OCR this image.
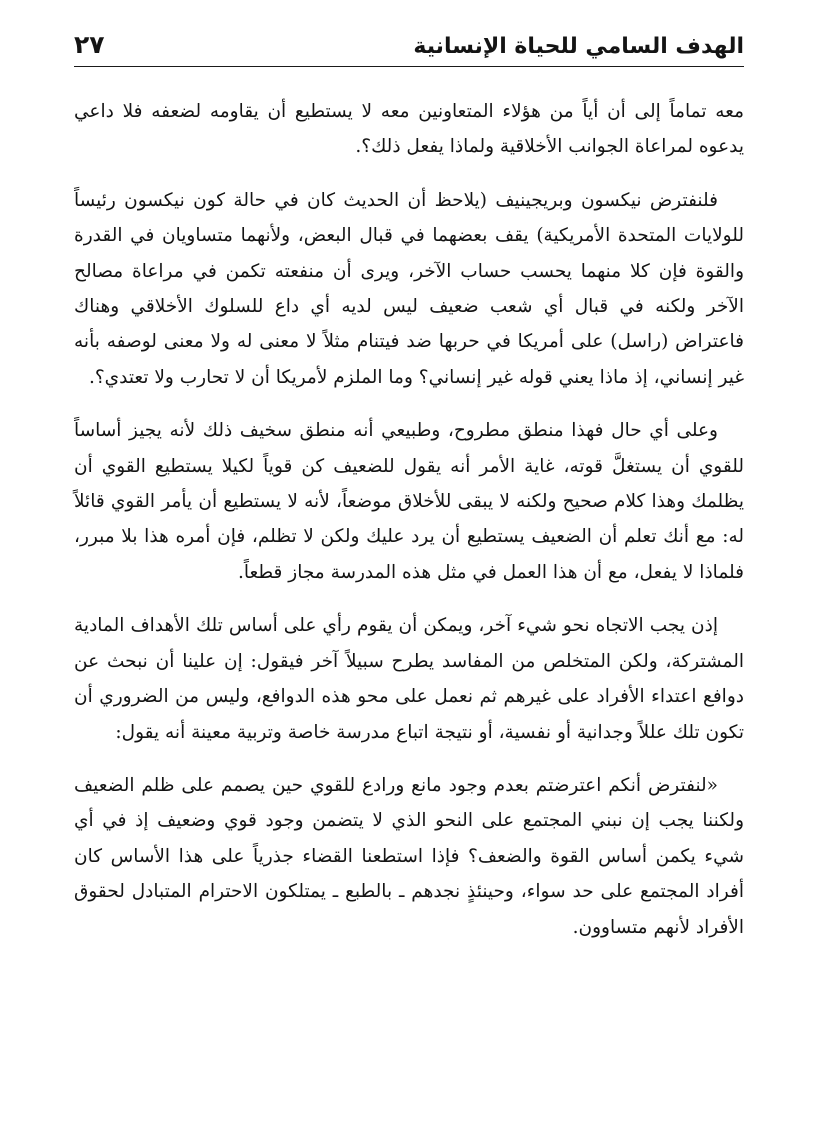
الهدف السامي للحياة الإنسانية
٢٧

معه تماماً إلى أن أياً من هؤلاء المتعاونين معه لا يستطيع أن يقاومه لضعفه فلا داعي يدعوه لمراعاة الجوانب الأخلاقية ولماذا يفعل ذلك؟.

فلنفترض نيكسون وبريجينيف (يلاحظ أن الحديث كان في حالة كون نيكسون رئيساً للولايات المتحدة الأمريكية) يقف بعضهما في قبال البعض، ولأنهما متساويان في القدرة والقوة فإن كلا منهما يحسب حساب الآخر، ويرى أن منفعته تكمن في مراعاة مصالح الآخر ولكنه في قبال أي شعب ضعيف ليس لديه أي داع للسلوك الأخلاقي وهناك فاعتراض (راسل) على أمريكا في حربها ضد فيتنام مثلاً لا معنى له ولا معنى لوصفه بأنه غير إنساني، إذ ماذا يعني قوله غير إنساني؟ وما الملزم لأمريكا أن لا تحارب ولا تعتدي؟.

وعلى أي حال فهذا منطق مطروح، وطبيعي أنه منطق سخيف ذلك لأنه يجيز أساساً للقوي أن يستغلَّ قوته، غاية الأمر أنه يقول للضعيف كن قوياً لكيلا يستطيع القوي أن يظلمك وهذا كلام صحيح ولكنه لا يبقى للأخلاق موضعاً، لأنه لا يستطيع أن يأمر القوي قائلاً له: مع أنك تعلم أن الضعيف يستطيع أن يرد عليك ولكن لا تظلم، فإن أمره هذا بلا مبرر، فلماذا لا يفعل، مع أن هذا العمل في مثل هذه المدرسة مجاز قطعاً.

إذن يجب الاتجاه نحو شيء آخر، ويمكن أن يقوم رأي على أساس تلك الأهداف المادية المشتركة، ولكن المتخلص من المفاسد يطرح سبيلاً آخر فيقول: إن علينا أن نبحث عن دوافع اعتداء الأفراد على غيرهم ثم نعمل على محو هذه الدوافع، وليس من الضروري أن تكون تلك عللاً وجدانية أو نفسية، أو نتيجة اتباع مدرسة خاصة وتربية معينة أنه يقول:

«لنفترض أنكم اعترضتم بعدم وجود مانع ورادع للقوي حين يصمم على ظلم الضعيف ولكننا يجب إن نبني المجتمع على النحو الذي لا يتضمن وجود قوي وضعيف إذ في أي شيء يكمن أساس القوة والضعف؟ فإذا استطعنا القضاء جذرياً على هذا الأساس كان أفراد المجتمع على حد سواء، وحينئذٍ نجدهم ـ بالطبع ـ يمتلكون الاحترام المتبادل لحقوق الأفراد لأنهم متساوون.
